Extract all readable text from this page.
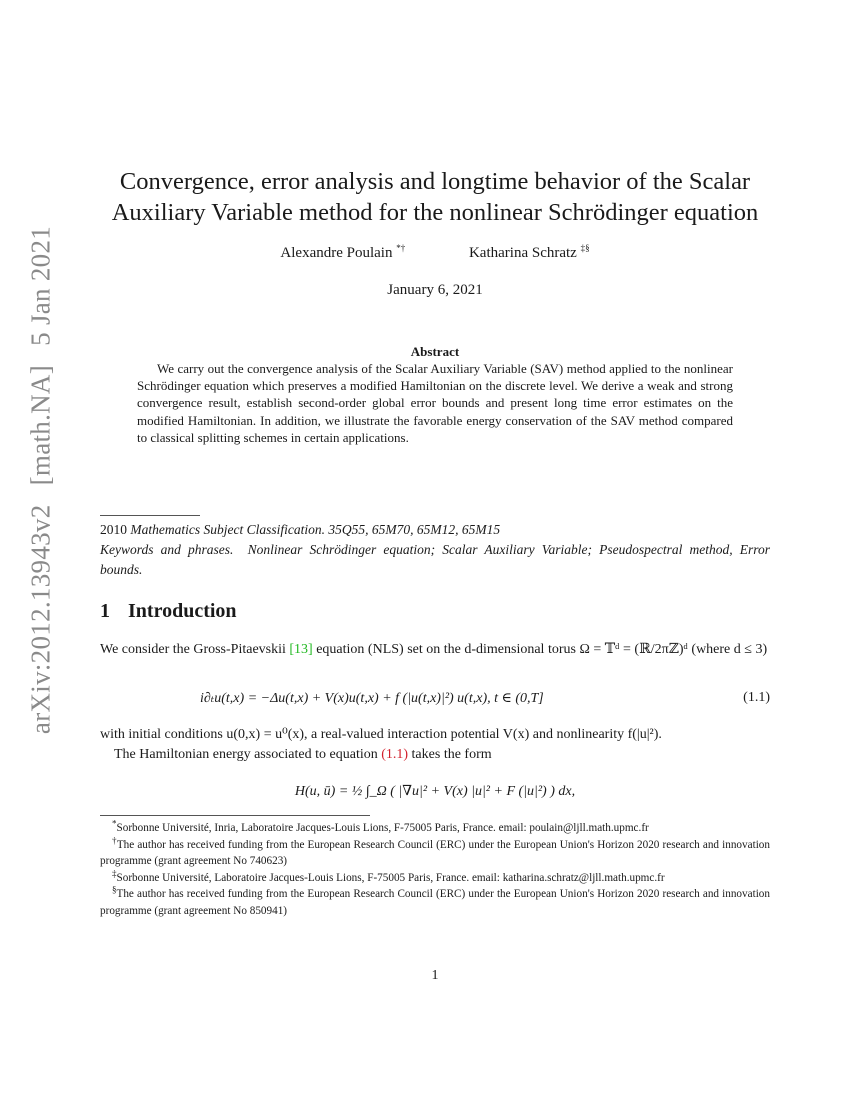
arXiv:2012.13943v2 [math.NA] 5 Jan 2021
Convergence, error analysis and longtime behavior of the Scalar Auxiliary Variable method for the nonlinear Schrödinger equation
Alexandre Poulain *†	Katharina Schratz ‡§
January 6, 2021
Abstract
We carry out the convergence analysis of the Scalar Auxiliary Variable (SAV) method applied to the nonlinear Schrödinger equation which preserves a modified Hamiltonian on the discrete level. We derive a weak and strong convergence result, establish second-order global error bounds and present long time error estimates on the modified Hamiltonian. In addition, we illustrate the favorable energy conservation of the SAV method compared to classical splitting schemes in certain applications.
2010 Mathematics Subject Classification. 35Q55, 65M70, 65M12, 65M15
Keywords and phrases. Nonlinear Schrödinger equation; Scalar Auxiliary Variable; Pseudospectral method, Error bounds.
1 Introduction
We consider the Gross-Pitaevskii [13] equation (NLS) set on the d-dimensional torus Ω = 𝕋ᵈ = (ℝ/2πℤ)ᵈ (where d ≤ 3)
i∂ₜu(t,x) = −Δu(t,x) + V(x)u(t,x) + f (|u(t,x)|²) u(t,x), t ∈ (0,T]	(1.1)
with initial conditions u(0,x) = u⁰(x), a real-valued interaction potential V(x) and nonlinearity f(|u|²).
The Hamiltonian energy associated to equation (1.1) takes the form
H(u, ū) = ½ ∫_Ω ( |∇u|² + V(x) |u|² + F (|u|²) ) dx,

*Sorbonne Université, Inria, Laboratoire Jacques-Louis Lions, F-75005 Paris, France. email: poulain@ljll.math.upmc.fr

†The author has received funding from the European Research Council (ERC) under the European Union's Horizon 2020 research and innovation programme (grant agreement No 740623)

‡Sorbonne Université, Laboratoire Jacques-Louis Lions, F-75005 Paris, France. email: katharina.schratz@ljll.math.upmc.fr

§The author has received funding from the European Research Council (ERC) under the European Union's Horizon 2020 research and innovation programme (grant agreement No 850941)

1
